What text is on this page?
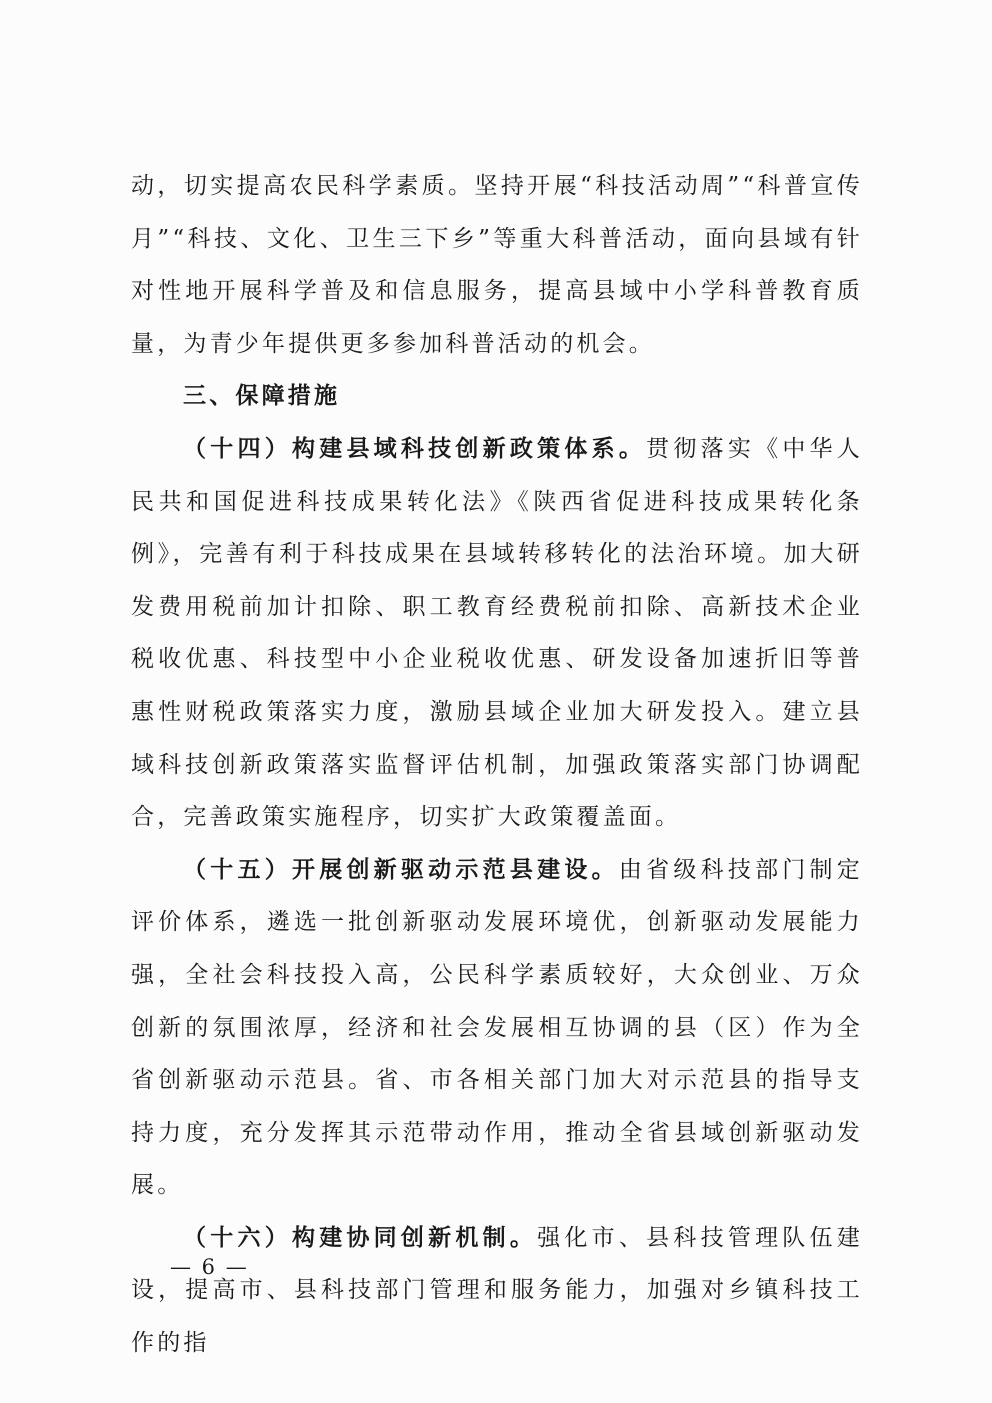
动，切实提高农民科学素质。坚持开展“科技活动周”“科普宣传月”“科技、文化、卫生三下乡”等重大科普活动，面向县域有针对性地开展科学普及和信息服务，提高县域中小学科普教育质量，为青少年提供更多参加科普活动的机会。

三、保障措施

（十四）构建县域科技创新政策体系。贯彻落实《中华人民共和国促进科技成果转化法》《陕西省促进科技成果转化条例》，完善有利于科技成果在县域转移转化的法治环境。加大研发费用税前加计扣除、职工教育经费税前扣除、高新技术企业税收优惠、科技型中小企业税收优惠、研发设备加速折旧等普惠性财税政策落实力度，激励县域企业加大研发投入。建立县域科技创新政策落实监督评估机制，加强政策落实部门协调配合，完善政策实施程序，切实扩大政策覆盖面。

（十五）开展创新驱动示范县建设。由省级科技部门制定评价体系，遴选一批创新驱动发展环境优，创新驱动发展能力强，全社会科技投入高，公民科学素质较好，大众创业、万众创新的氛围浓厚，经济和社会发展相互协调的县（区）作为全省创新驱动示范县。省、市各相关部门加大对示范县的指导支持力度，充分发挥其示范带动作用，推动全省县域创新驱动发展。

（十六）构建协同创新机制。强化市、县科技管理队伍建设，提高市、县科技部门管理和服务能力，加强对乡镇科技工作的指

— 6 —
